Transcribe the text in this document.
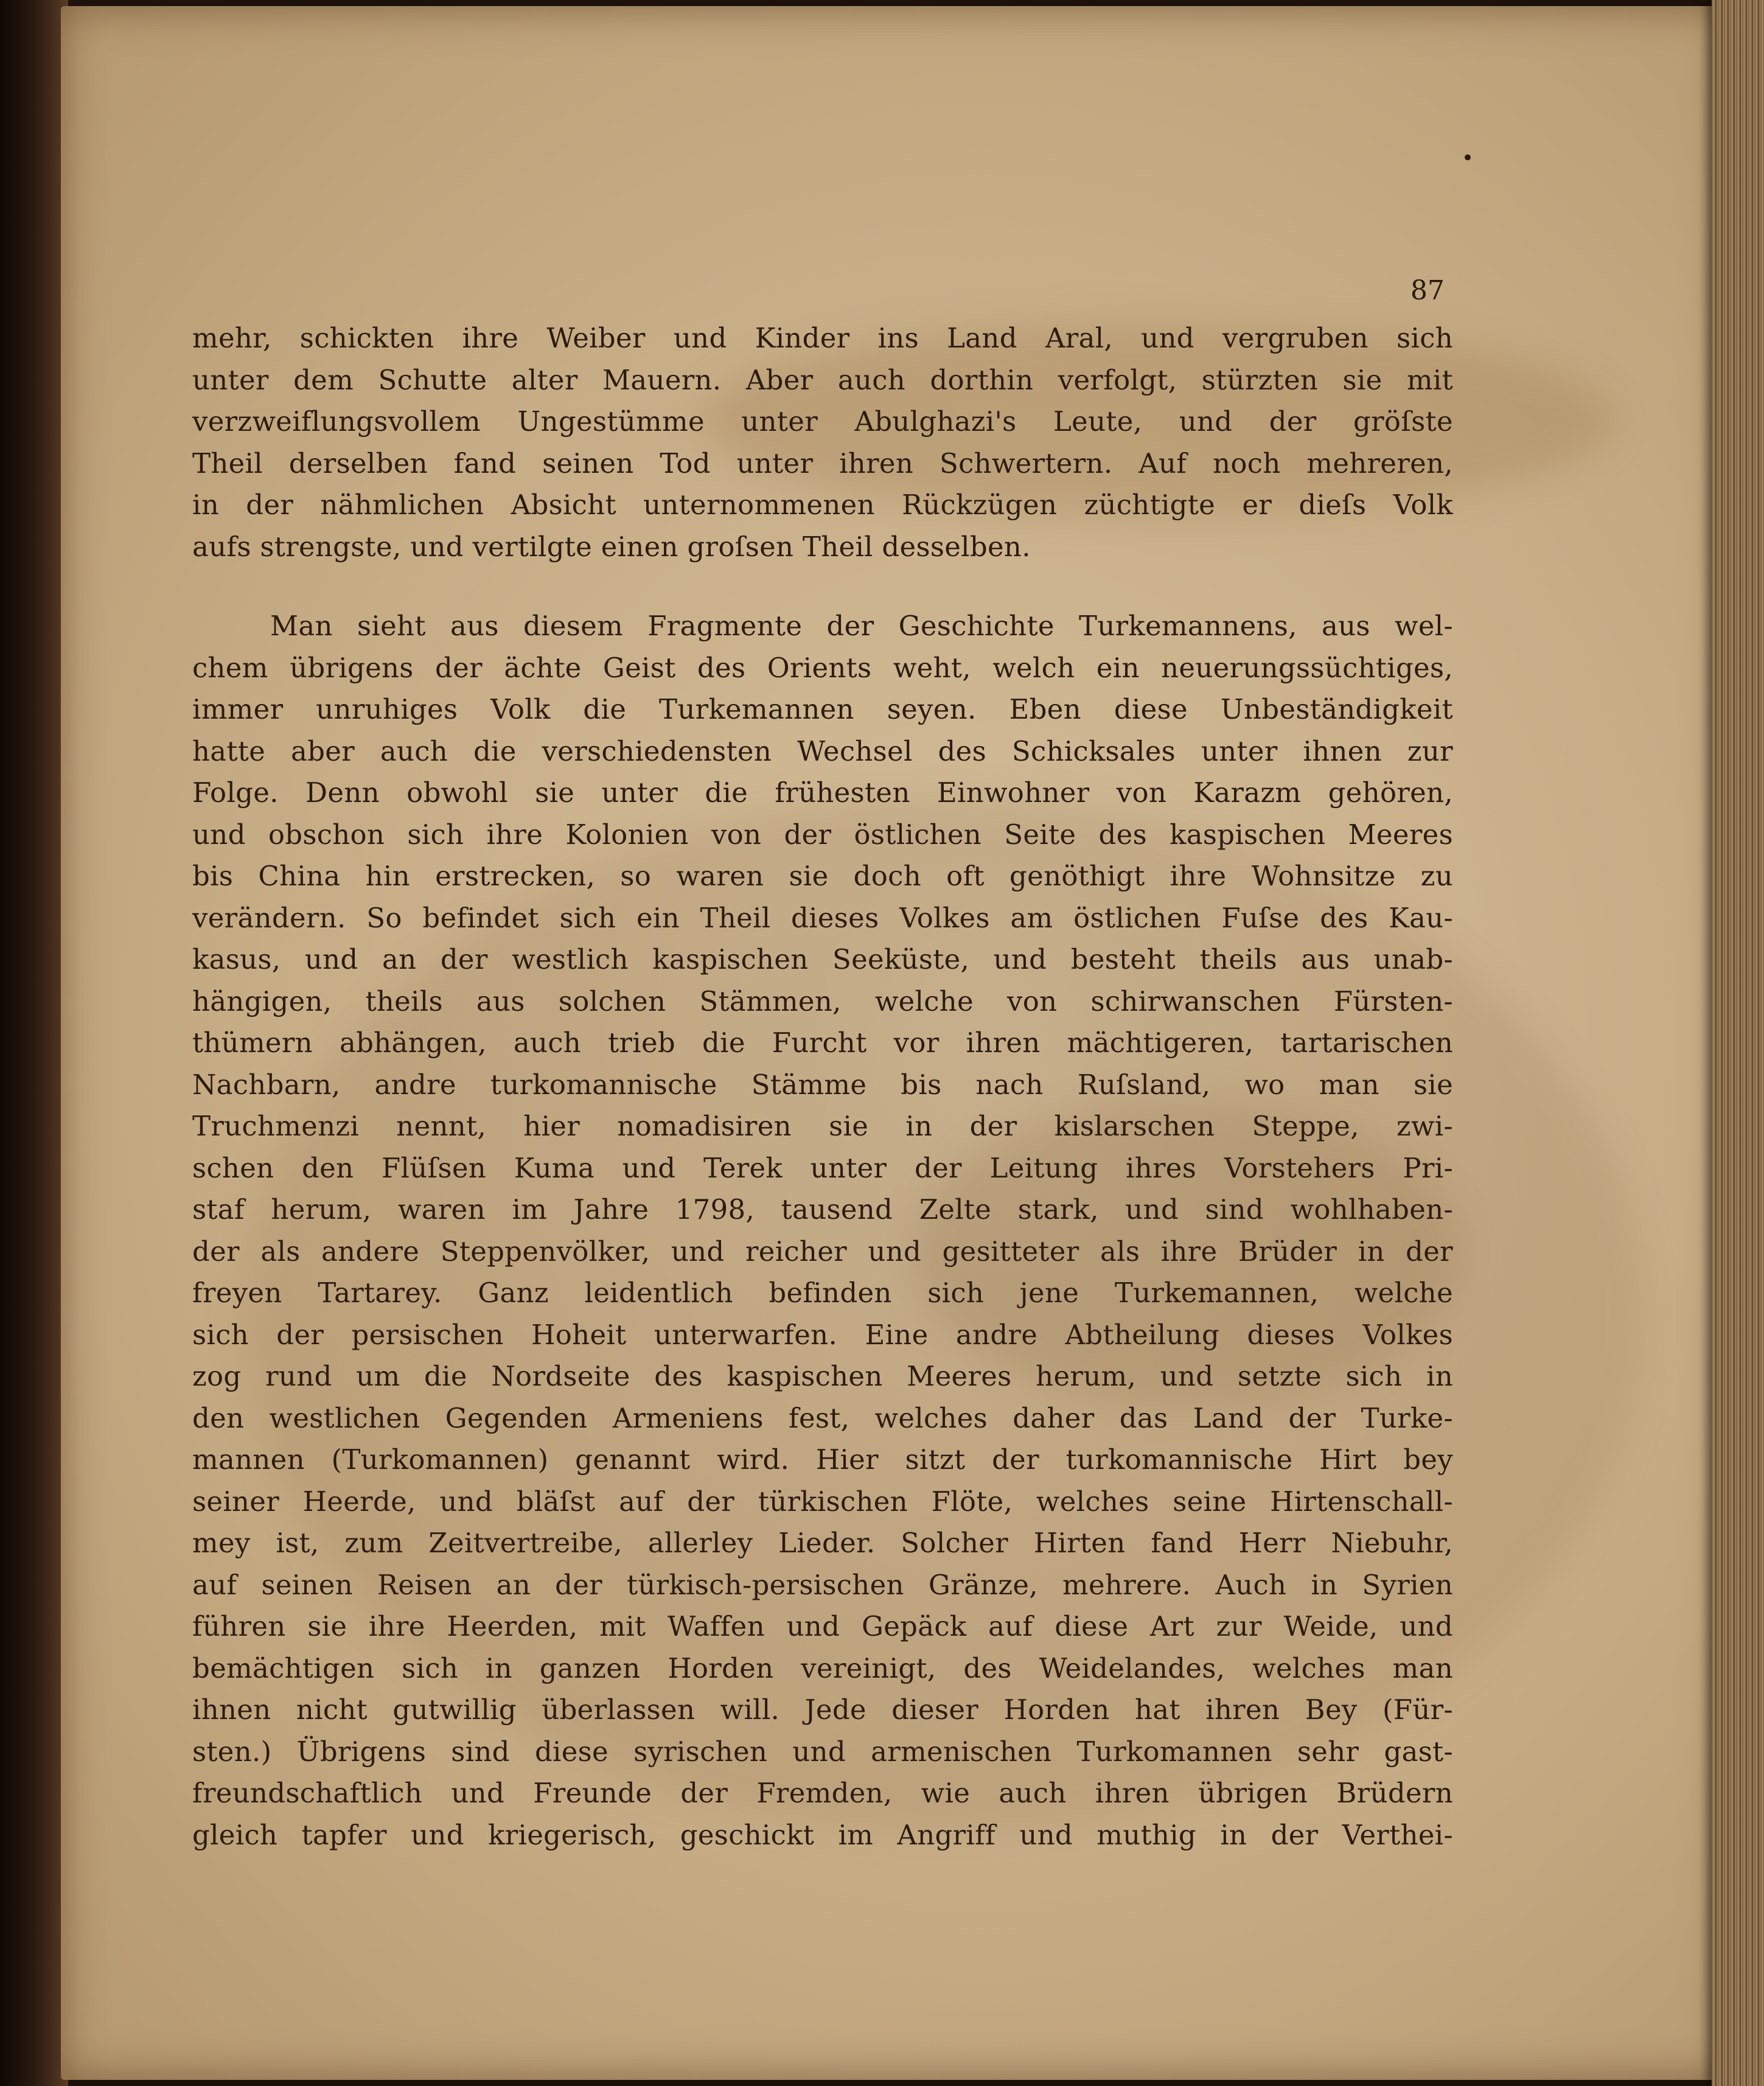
•
87
mehr, schickten ihre Weiber und Kinder ins Land Aral, und vergruben sich
unter dem Schutte alter Mauern. Aber auch dorthin verfolgt, stürzten sie mit
verzweiflungsvollem Ungestümme unter Abulghazi's Leute, und der gröſste
Theil derselben fand seinen Tod unter ihren Schwertern. Auf noch mehreren,
in der nähmlichen Absicht unternommenen Rückzügen züchtigte er dieſs Volk
aufs strengste, und vertilgte einen groſsen Theil desselben.
Man sieht aus diesem Fragmente der Geschichte Turkemannens, aus wel-
chem übrigens der ächte Geist des Orients weht, welch ein neuerungssüchtiges,
immer unruhiges Volk die Turkemannen seyen. Eben diese Unbeständigkeit
hatte aber auch die verschiedensten Wechsel des Schicksales unter ihnen zur
Folge. Denn obwohl sie unter die frühesten Einwohner von Karazm gehören,
und obschon sich ihre Kolonien von der östlichen Seite des kaspischen Meeres
bis China hin erstrecken, so waren sie doch oft genöthigt ihre Wohnsitze zu
verändern. So befindet sich ein Theil dieses Volkes am östlichen Fuſse des Kau-
kasus, und an der westlich kaspischen Seeküste, und besteht theils aus unab-
hängigen, theils aus solchen Stämmen, welche von schirwanschen Fürsten-
thümern abhängen, auch trieb die Furcht vor ihren mächtigeren, tartarischen
Nachbarn, andre turkomannische Stämme bis nach Ruſsland, wo man sie
Truchmenzi nennt, hier nomadisiren sie in der kislarschen Steppe, zwi-
schen den Flüſsen Kuma und Terek unter der Leitung ihres Vorstehers Pri-
staf herum, waren im Jahre 1798, tausend Zelte stark, und sind wohlhaben-
der als andere Steppenvölker, und reicher und gesitteter als ihre Brüder in der
freyen Tartarey. Ganz leidentlich befinden sich jene Turkemannen, welche
sich der persischen Hoheit unterwarfen. Eine andre Abtheilung dieses Volkes
zog rund um die Nordseite des kaspischen Meeres herum, und setzte sich in
den westlichen Gegenden Armeniens fest, welches daher das Land der Turke-
mannen (Turkomannen) genannt wird. Hier sitzt der turkomannische Hirt bey
seiner Heerde, und bläſst auf der türkischen Flöte, welches seine Hirtenschall-
mey ist, zum Zeitvertreibe, allerley Lieder. Solcher Hirten fand Herr Niebuhr,
auf seinen Reisen an der türkisch-persischen Gränze, mehrere. Auch in Syrien
führen sie ihre Heerden, mit Waffen und Gepäck auf diese Art zur Weide, und
bemächtigen sich in ganzen Horden vereinigt, des Weidelandes, welches man
ihnen nicht gutwillig überlassen will. Jede dieser Horden hat ihren Bey (Für-
sten.) Übrigens sind diese syrischen und armenischen Turkomannen sehr gast-
freundschaftlich und Freunde der Fremden, wie auch ihren übrigen Brüdern
gleich tapfer und kriegerisch, geschickt im Angriff und muthig in der Verthei-
